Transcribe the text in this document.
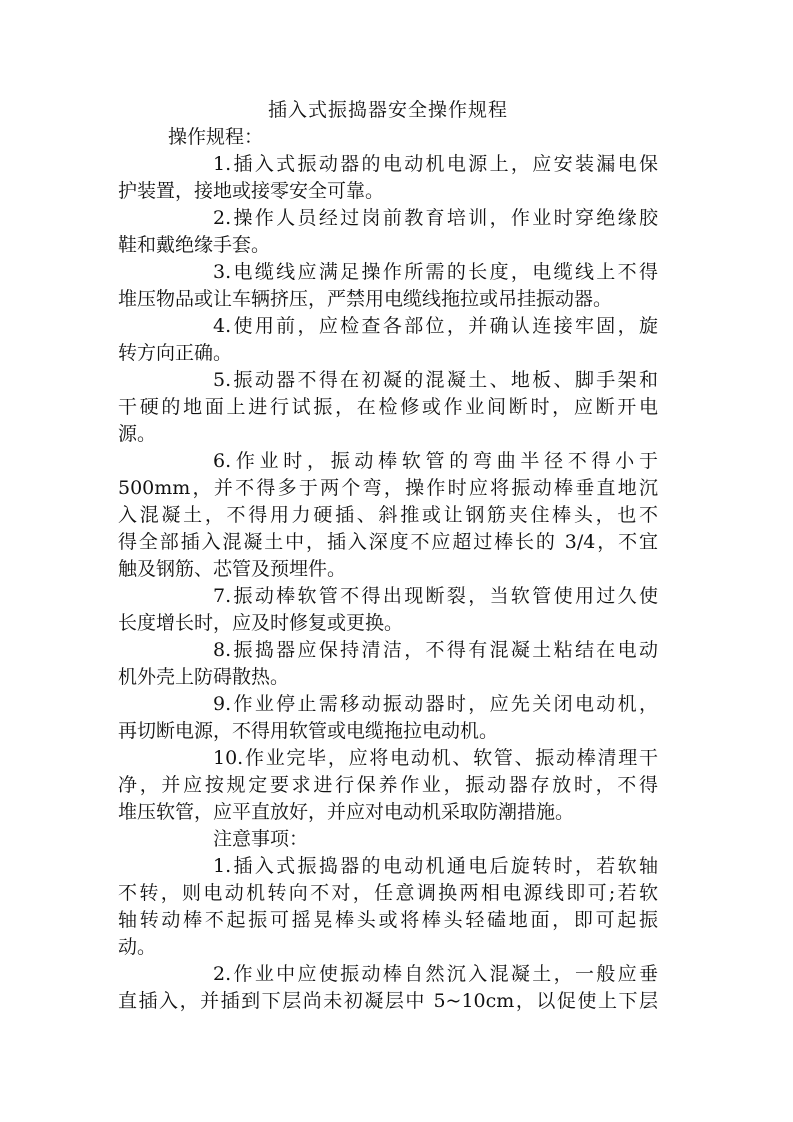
插入式振捣器安全操作规程
操作规程：
1.插入式振动器的电动机电源上，应安装漏电保
护装置，接地或接零安全可靠。
2.操作人员经过岗前教育培训，作业时穿绝缘胶
鞋和戴绝缘手套。
3.电缆线应满足操作所需的长度，电缆线上不得
堆压物品或让车辆挤压，严禁用电缆线拖拉或吊挂振动器。
4.使用前，应检查各部位，并确认连接牢固，旋
转方向正确。
5.振动器不得在初凝的混凝土、地板、脚手架和
干硬的地面上进行试振，在检修或作业间断时，应断开电
源。
6.作业时，振动棒软管的弯曲半径不得小于
500mm，并不得多于两个弯，操作时应将振动棒垂直地沉
入混凝土，不得用力硬插、斜推或让钢筋夹住棒头，也不
得全部插入混凝土中，插入深度不应超过棒长的 3/4，不宜
触及钢筋、芯管及预埋件。
7.振动棒软管不得出现断裂，当软管使用过久使
长度增长时，应及时修复或更换。
8.振捣器应保持清洁，不得有混凝土粘结在电动
机外壳上防碍散热。
9.作业停止需移动振动器时，应先关闭电动机，
再切断电源，不得用软管或电缆拖拉电动机。
10.作业完毕，应将电动机、软管、振动棒清理干
净，并应按规定要求进行保养作业，振动器存放时，不得
堆压软管，应平直放好，并应对电动机采取防潮措施。
注意事项：
1.插入式振捣器的电动机通电后旋转时，若软轴
不转，则电动机转向不对，任意调换两相电源线即可;若软
轴转动棒不起振可摇晃棒头或将棒头轻磕地面，即可起振
动。
2.作业中应使振动棒自然沉入混凝土，一般应垂
直插入，并插到下层尚未初凝层中 5~10cm，以促使上下层
